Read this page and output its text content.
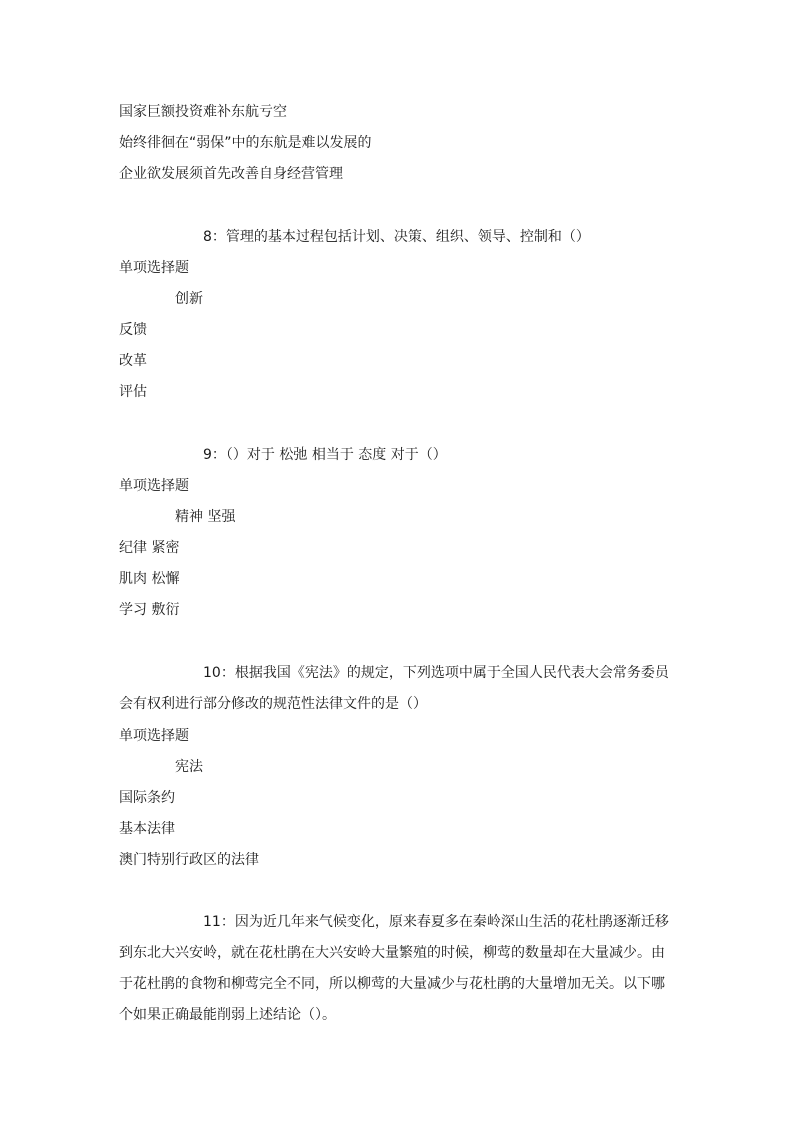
国家巨额投资难补东航亏空
始终徘徊在“弱保”中的东航是难以发展的
企业欲发展须首先改善自身经营管理
8：管理的基本过程包括计划、决策、组织、领导、控制和（）
单项选择题
创新
反馈
改革
评估
9：（）对于 松弛 相当于 态度 对于（）
单项选择题
精神 坚强
纪律 紧密
肌肉 松懈
学习 敷衍
10：根据我国《宪法》的规定，下列选项中属于全国人民代表大会常务委员
会有权利进行部分修改的规范性法律文件的是（）
单项选择题
宪法
国际条约
基本法律
澳门特别行政区的法律
11：因为近几年来气候变化，原来春夏多在秦岭深山生活的花杜鹃逐渐迁移
到东北大兴安岭，就在花杜鹃在大兴安岭大量繁殖的时候，柳莺的数量却在大量减少。由
于花杜鹃的食物和柳莺完全不同，所以柳莺的大量减少与花杜鹃的大量增加无关。以下哪
个如果正确最能削弱上述结论（）。
